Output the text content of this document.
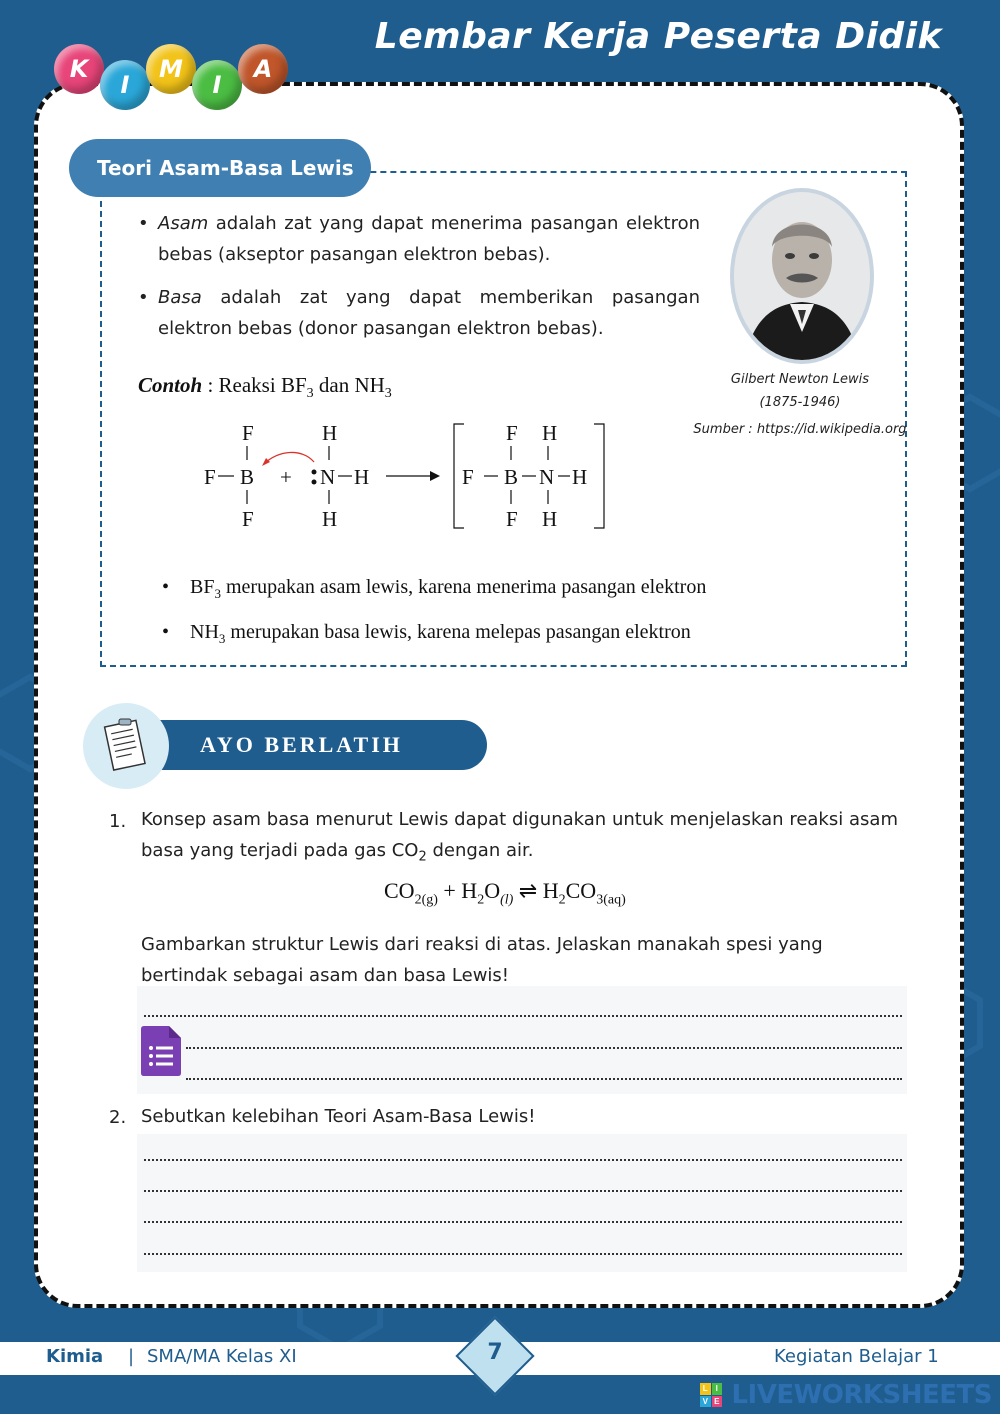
Lembar Kerja Peserta Didik
K
I
M
I
A
Teori Asam-Basa Lewis
• Asam adalah zat yang dapat menerima pasangan elektron bebas (akseptor pasangan elektron bebas).
• Basa adalah zat yang dapat memberikan pasangan elektron bebas (donor pasangan elektron bebas).
Gilbert Newton Lewis
(1875-1946)
Sumber : https://id.wikipedia.org
Contoh : Reaksi $BF_3$ dan $NH_3$
F
F B
F
+
H
N H
H
F
F
B
F
H
N H
H
• $BF_3$ merupakan asam lewis, karena menerima pasangan elektron
• $NH_3$ merupakan basa lewis, karena melepas pasangan elektron
AYO BERLATIH
1. Konsep asam basa menurut Lewis dapat digunakan untuk menjelaskan reaksi asam basa yang terjadi pada gas $CO_2$ dengan air.
$CO_{2(g)} + H_2O_{(l)}$ ⇌ $H_2CO_{3(aq)}$
Gambarkan struktur Lewis dari reaksi di atas. Jelaskan manakah spesi yang bertindak sebagai asam dan basa Lewis!
2. Sebutkan kelebihan Teori Asam-Basa Lewis!
Kimia | SMA/MA Kelas XI	Kegiatan Belajar 1
7
L I
V E LIVEWORKSHEETS
